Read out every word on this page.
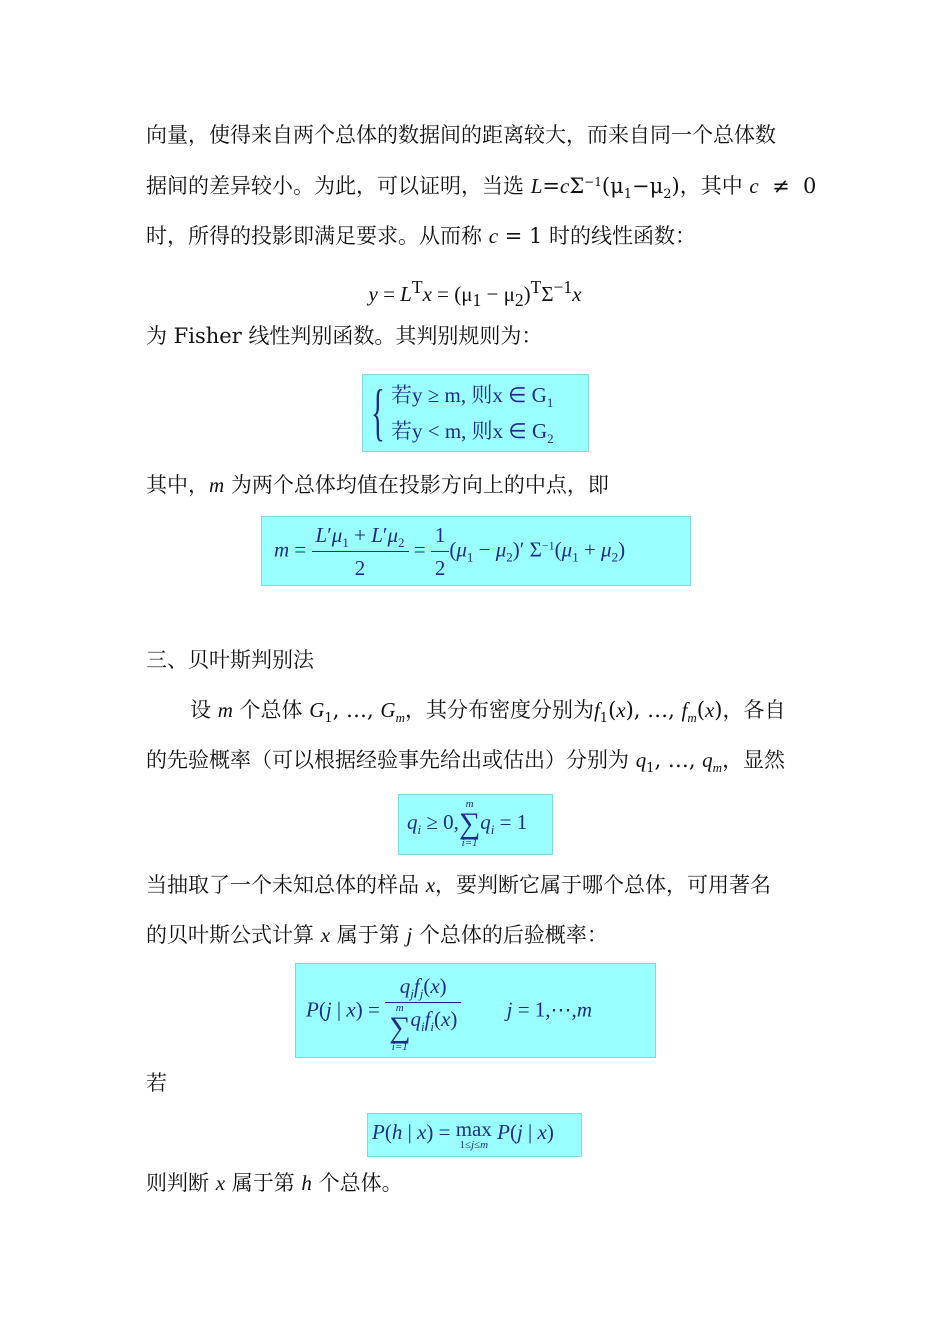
向量，使得来自两个总体的数据间的距离较大，而来自同一个总体数
据间的差异较小。为此，可以证明，当选 $L=c\Sigma^{-1}(\mu_1-\mu_2)$，其中 c  ≠  0
时，所得的投影即满足要求。从而称 c = 1 时的线性函数：
$y = L^Tx = (\mu_1 - \mu_2)^T\Sigma^{-1}x$
为 Fisher 线性判别函数。其判别规则为：
{ 若y ≥ m, 则x ∈ $G_1$
若y < m, 则x ∈ $G_2$
其中，m 为两个总体均值在投影方向上的中点，即
$m = \frac{L'\mu_1 + L'\mu_2}{2} = \frac{1}{2} (\mu_1 - \mu_2)'$ $\Sigma^{-1}(\mu_1 + \mu_2)$
三、贝叶斯判别法
设 m 个总体 $G_1$, …, $G_m$，其分布密度分别为$f_1(x)$, …, $f_m(x)$，各自
的先验概率（可以根据经验事先给出或估出）分别为 $q_1$, …, $q_m$，显然
$q_i \ge 0$,
m
∑
i=1
$q_i = 1$
当抽取了一个未知总体的样品 x，要判断它属于哪个总体，可用著名
的贝叶斯公式计算 x 属于第 j 个总体的后验概率：
P(j | $x) = q_jf_j(x)$
m
∑
i=1
$q_if_i(x) j$ = 1,⋯,m
若
P(h | x) = max

1≤j≤m
P(j | x)
则判断 x 属于第 h 个总体。
